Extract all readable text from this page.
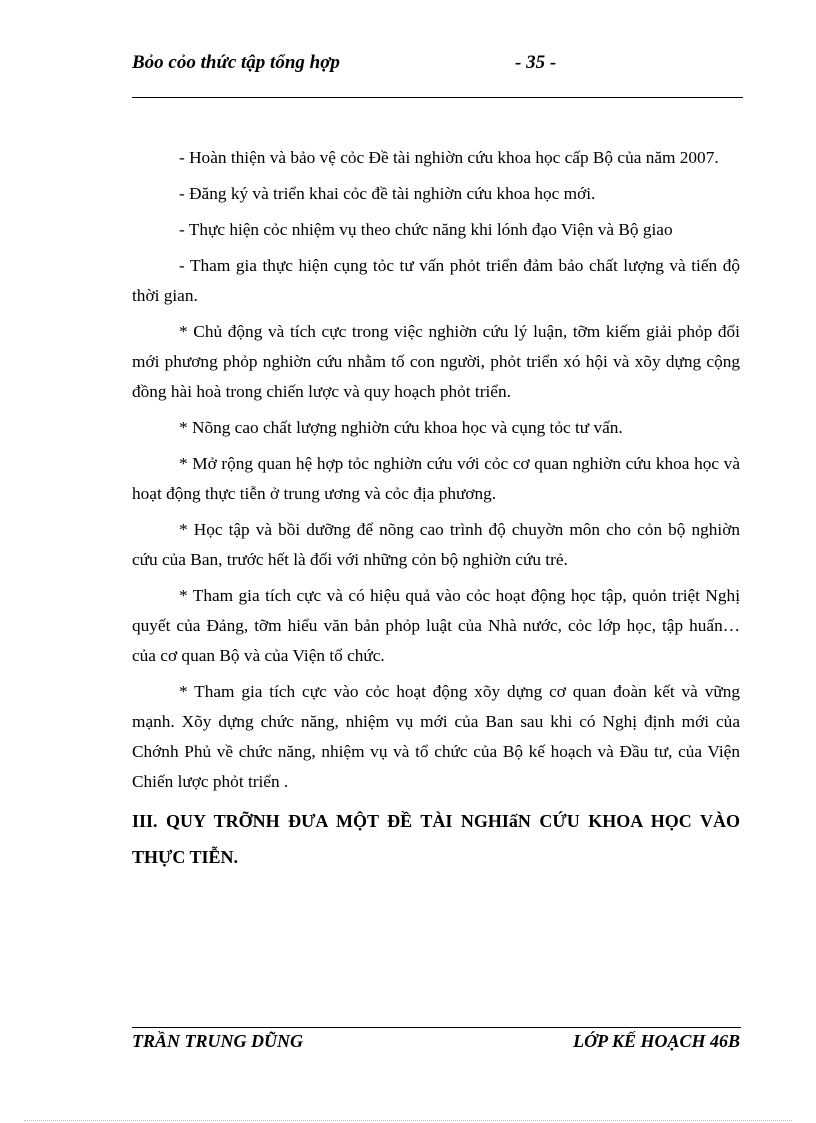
Bỏo cỏo thức tập tổng hợp	- 35 -

- Hoàn thiện và bảo vệ cỏc Đề tài nghiờn cứu khoa học cấp Bộ của năm 2007.

- Đăng ký và triển khai cỏc đề tài nghiờn cứu khoa học mới.

- Thực hiện cỏc nhiệm vụ theo chức năng khi lónh đạo Viện và Bộ giao

- Tham gia thực hiện cụng tỏc tư vấn phỏt triển đảm bảo chất lượng và tiến độ thời gian.

* Chủ động và tích cực trong việc nghiờn cứu lý luận, tỡm kiếm giải phỏp đổi mới phương phỏp nghiờn cứu nhằm tố con người, phỏt triển xó hội và xõy dựng cộng đồng hài hoà trong chiến lược và quy hoạch phỏt triển.

* Nõng cao chất lượng nghiờn cứu khoa học và cụng tỏc tư vấn.

* Mở rộng quan hệ hợp tỏc nghiờn cứu với cỏc cơ quan nghiờn cứu khoa học và hoạt động thực tiễn ở trung ương và cỏc địa phương.

* Học tập và bồi dưỡng để nõng cao trình độ chuyờn môn cho cỏn bộ nghiờn cứu của Ban, trước hết là đối với những cỏn bộ nghiờn cứu trẻ.

* Tham gia tích cực và có hiệu quả vào cỏc hoạt động học tập, quỏn triệt Nghị quyết của Đảng, tỡm hiểu văn bản phỏp luật của Nhà nước, cỏc lớp học, tập huấn… của cơ quan Bộ và của Viện tổ chức.

* Tham gia tích cực vào cỏc hoạt động xõy dựng cơ quan đoàn kết và vững mạnh. Xõy dựng chức năng, nhiệm vụ mới của Ban sau khi có Nghị định mới của Chớnh Phủ về chức năng, nhiệm vụ và tổ chức của Bộ kế hoạch và Đầu tư, của Viện Chiến lược phỏt triển .

III. QUY TRỠNH ĐƯA MỘT ĐỀ TÀI NGHIấN CỨU KHOA HỌC VÀO THỰC TIỄN.

TRẦN TRUNG DŨNG	LỚP KẾ HOẠCH 46B
